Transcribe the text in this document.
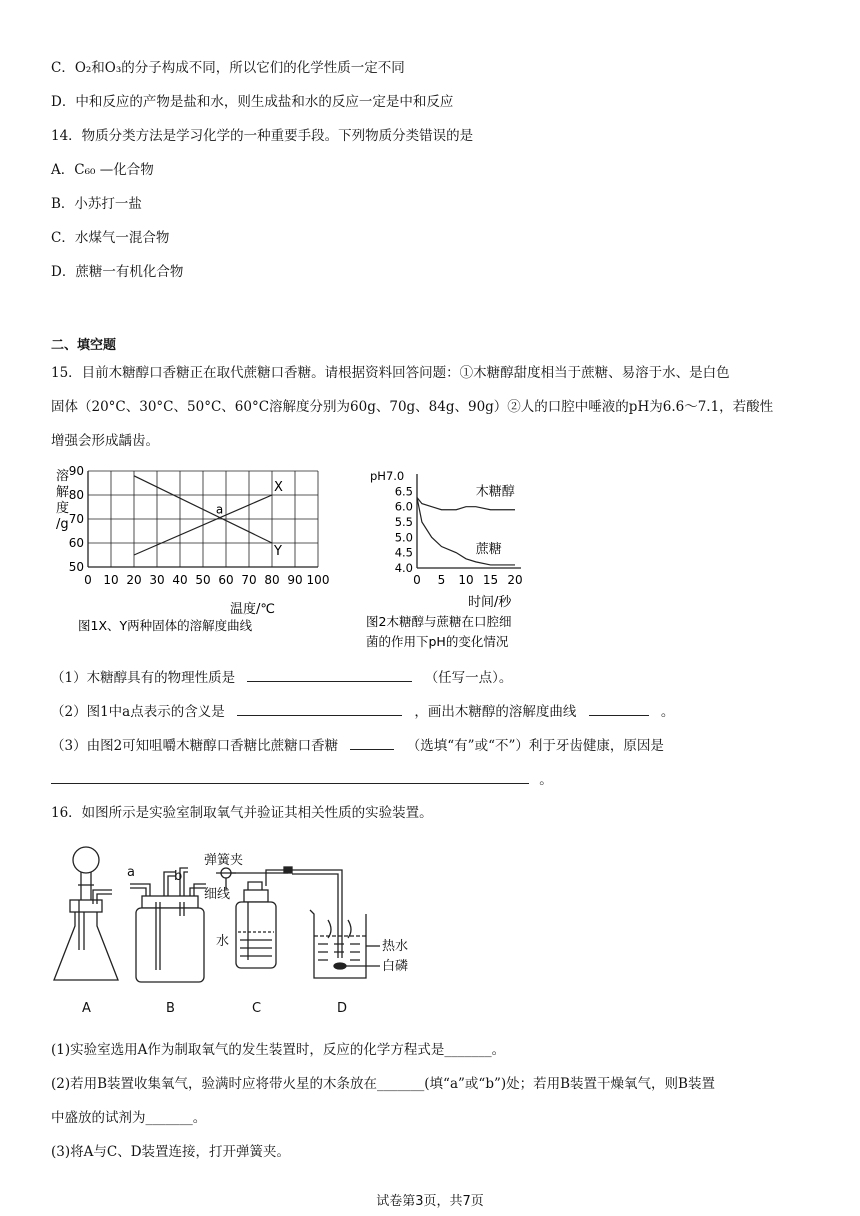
C．O₂和O₃的分子构成不同，所以它们的化学性质一定不同
D．中和反应的产物是盐和水，则生成盐和水的反应一定是中和反应
14．物质分类方法是学习化学的一种重要手段。下列物质分类错误的是
A．C₆₀ —化合物
B．小苏打一盐
C．水煤气一混合物
D．蔗糖一有机化合物
二、填空题
15．目前木糖醇口香糖正在取代蔗糖口香糖。请根据资料回答问题：①木糖醇甜度相当于蔗糖、易溶于水、是白色
固体（20°C、30°C、50°C、60°C溶解度分别为60g、70g、84g、90g）②人的口腔中唾液的pH为6.6～7.1，若酸性
增强会形成龋齿。
溶
解
度
/g
90
80
70
60
50
0 10 20 30 40 50 60 70 80 90 100
X
Y
a
温度/℃
图1X、Y两种固体的溶解度曲线
pH7.0
6.5
6.0
5.5
5.0
4.5
4.0
0 5 10 15 20
木糖醇
蔗糖
时间/秒
图2木糖醇与蔗糖在口腔细
菌的作用下pH的变化情况
（1）木糖醇具有的物理性质是	（任写一点）。
（2）图1中a点表示的含义是	，画出木糖醇的溶解度曲线	。
（3）由图2可知咀嚼木糖醇口香糖比蔗糖口香糖	（选填“有”或“不”）利于牙齿健康，原因是
。
16．如图所示是实验室制取氧气并验证其相关性质的实验装置。
a	b
弹簧夹
细线
水	热水
白磷
A	B	C	D
(1)实验室选用A作为制取氧气的发生装置时，反应的化学方程式是_______。
(2)若用B装置收集氧气，验满时应将带火星的木条放在_______(填“a”或“b”)处；若用B装置干燥氧气，则B装置
中盛放的试剂为_______。
(3)将A与C、D装置连接，打开弹簧夹。
试卷第3页，共7页
